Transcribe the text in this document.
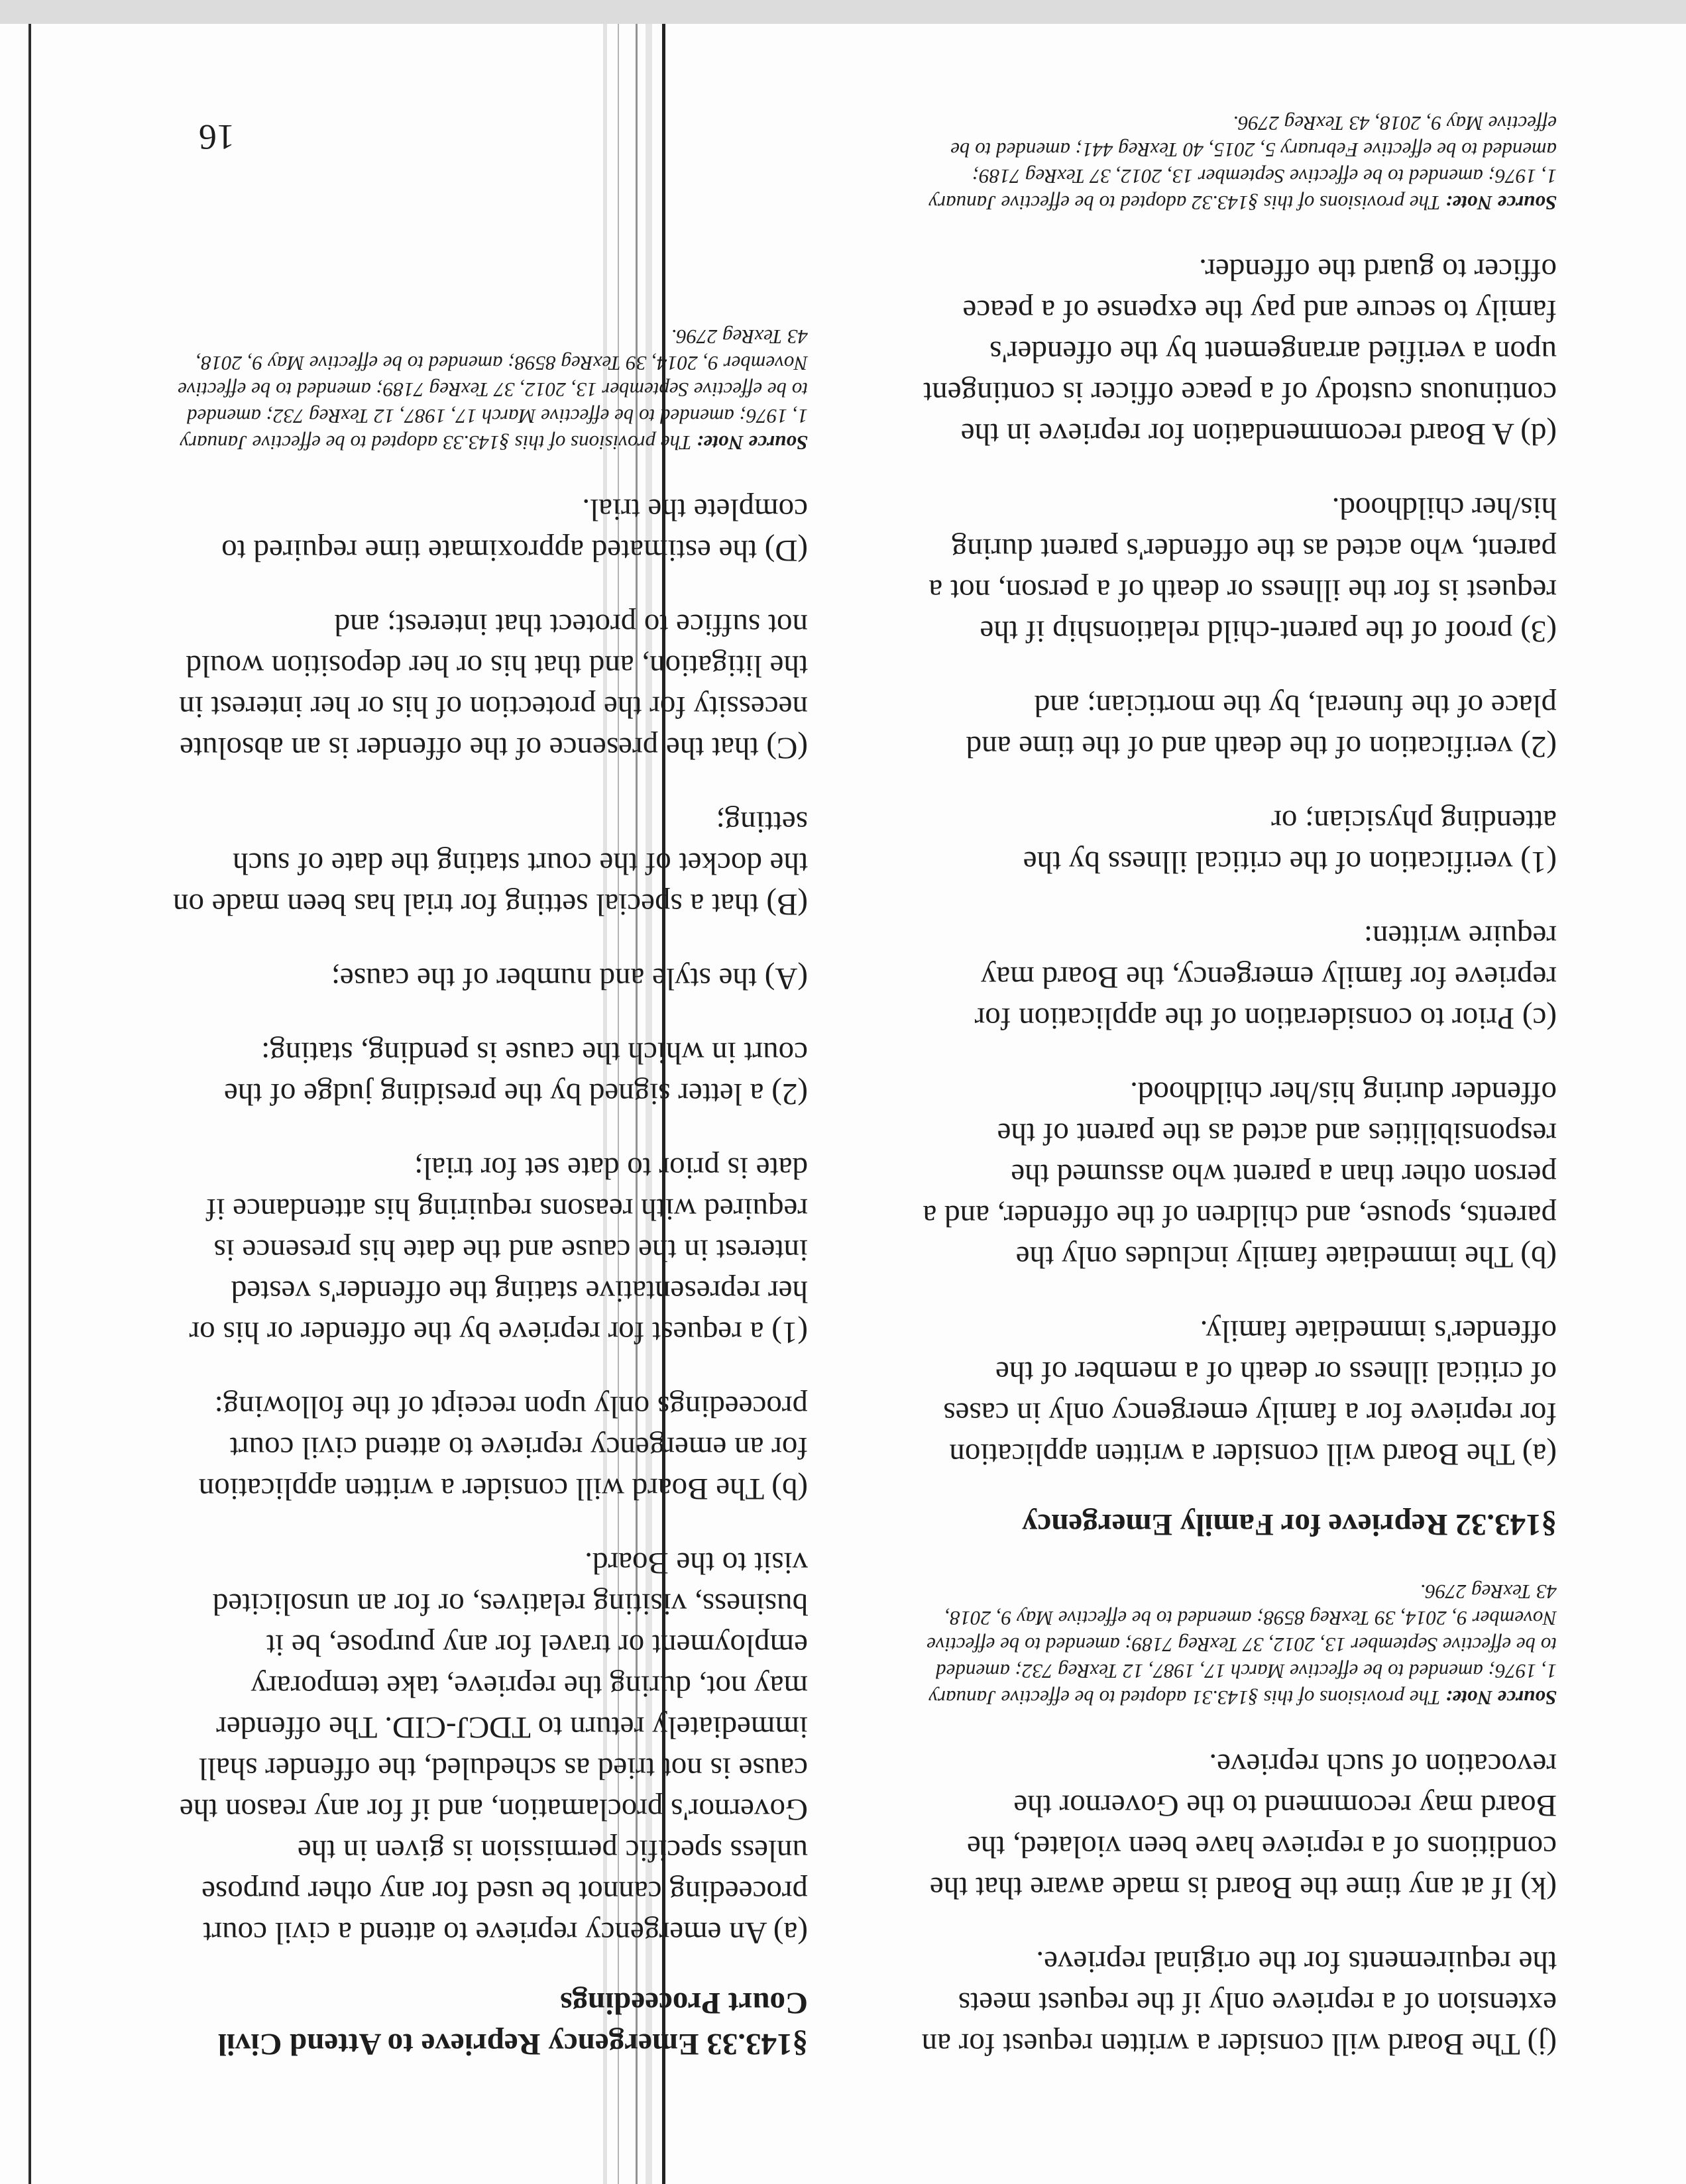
(j) The Board will consider a written request for an extension of a reprieve only if the request meets the requirements for the original reprieve.

(k) If at any time the Board is made aware that the conditions of a reprieve have been violated, the Board may recommend to the Governor the revocation of such reprieve.

Source Note: The provisions of this §143.31 adopted to be effective January 1, 1976; amended to be effective March 17, 1987, 12 TexReg 732; amended to be effective September 13, 2012, 37 TexReg 7189; amended to be effective November 9, 2014, 39 TexReg 8598; amended to be effective May 9, 2018, 43 TexReg 2796.

§143.32 Reprieve for Family Emergency

(a) The Board will consider a written application for reprieve for a family emergency only in cases of critical illness or death of a member of the offender's immediate family.

(b) The immediate family includes only the parents, spouse, and children of the offender, and a person other than a parent who assumed the responsibilities and acted as the parent of the offender during his/her childhood.

(c) Prior to consideration of the application for reprieve for family emergency, the Board may require written:

(1) verification of the critical illness by the attending physician; or

(2) verification of the death and of the time and place of the funeral, by the mortician; and

(3) proof of the parent-child relationship if the request is for the illness or death of a person, not a parent, who acted as the offender's parent during his/her childhood.

(d) A Board recommendation for reprieve in the continuous custody of a peace officer is contingent upon a verified arrangement by the offender's family to secure and pay the expense of a peace officer to guard the offender.

Source Note: The provisions of this §143.32 adopted to be effective January 1, 1976; amended to be effective September 13, 2012, 37 TexReg 7189; amended to be effective February 5, 2015, 40 TexReg 441; amended to be effective May 9, 2018, 43 TexReg 2796.

§143.33 Emergency Reprieve to Attend Civil Court Proceedings

(a) An emergency reprieve to attend a civil court proceeding cannot be used for any other purpose unless specific permission is given in the Governor's proclamation, and if for any reason the cause is not tried as scheduled, the offender shall immediately return to TDCJ-CID. The offender may not, during the reprieve, take temporary employment or travel for any purpose, be it business, visiting relatives, or for an unsolicited visit to the Board.

(b) The Board will consider a written application for an emergency reprieve to attend civil court proceedings only upon receipt of the following:

(1) a request for reprieve by the offender or his or her representative stating the offender's vested interest in the cause and the date his presence is required with reasons requiring his attendance if date is prior to date set for trial;

(2) a letter signed by the presiding judge of the court in which the cause is pending, stating:

(A) the style and number of the cause;

(B) that a special setting for trial has been made on the docket of the court stating the date of such setting;

(C) that the presence of the offender is an absolute necessity for the protection of his or her interest in the litigation, and that his or her deposition would not suffice to protect that interest; and

(D) the estimated approximate time required to complete the trial.

Source Note: The provisions of this §143.33 adopted to be effective January 1, 1976; amended to be effective March 17, 1987, 12 TexReg 732; amended to be effective September 13, 2012, 37 TexReg 7189; amended to be effective November 9, 2014, 39 TexReg 8598; amended to be effective May 9, 2018, 43 TexReg 2796.

16
